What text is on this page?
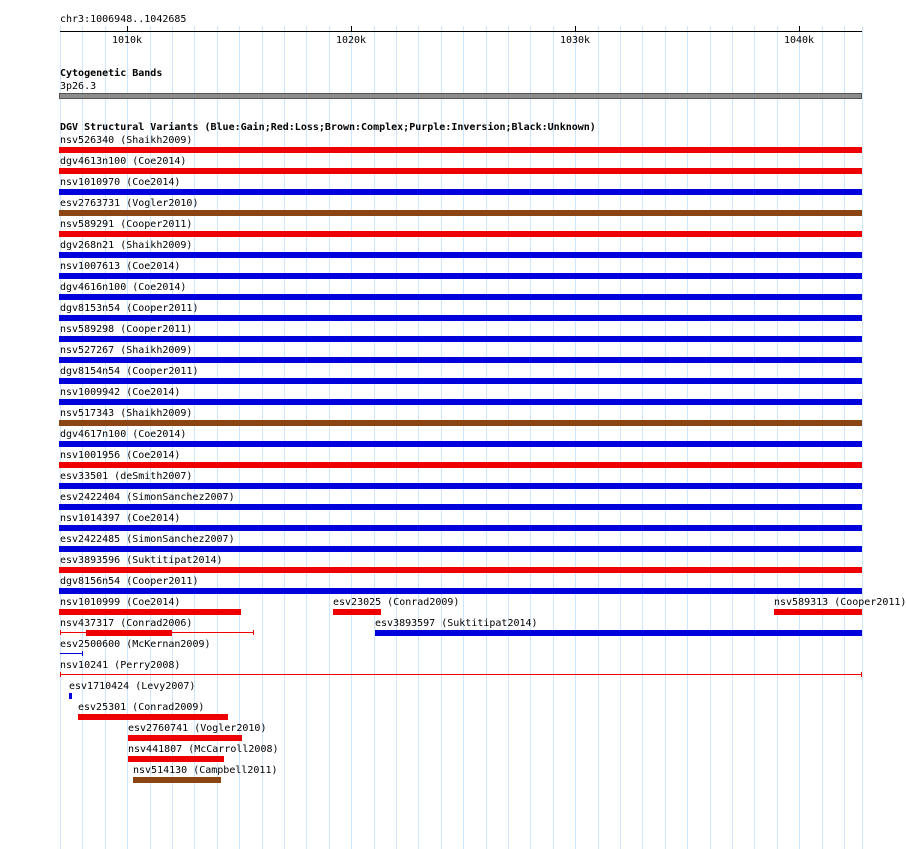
chr3:1006948..1042685
1010k	1020k	1030k	1040k
Cytogenetic Bands
3p26.3
DGV Structural Variants (Blue:Gain;Red:Loss;Brown:Complex;Purple:Inversion;Black:Unknown)
nsv526340 (Shaikh2009)
dgv4613n100 (Coe2014)
nsv1010970 (Coe2014)
esv2763731 (Vogler2010)
nsv589291 (Cooper2011)
dgv268n21 (Shaikh2009)
nsv1007613 (Coe2014)
dgv4616n100 (Coe2014)
dgv8153n54 (Cooper2011)
nsv589298 (Cooper2011)
nsv527267 (Shaikh2009)
dgv8154n54 (Cooper2011)
nsv1009942 (Coe2014)
nsv517343 (Shaikh2009)
dgv4617n100 (Coe2014)
nsv1001956 (Coe2014)
esv33501 (deSmith2007)
esv2422404 (SimonSanchez2007)
nsv1014397 (Coe2014)
esv2422485 (SimonSanchez2007)
esv3893596 (Suktitipat2014)
dgv8156n54 (Cooper2011)
nsv1010999 (Coe2014)	esv23025 (Conrad2009)	nsv589313 (Cooper2011)
nsv437317 (Conrad2006)	esv3893597 (Suktitipat2014)
esv2500600 (McKernan2009)
nsv10241 (Perry2008)
esv1710424 (Levy2007)
esv25301 (Conrad2009)
esv2760741 (Vogler2010)
nsv441807 (McCarroll2008)
nsv514130 (Campbell2011)
